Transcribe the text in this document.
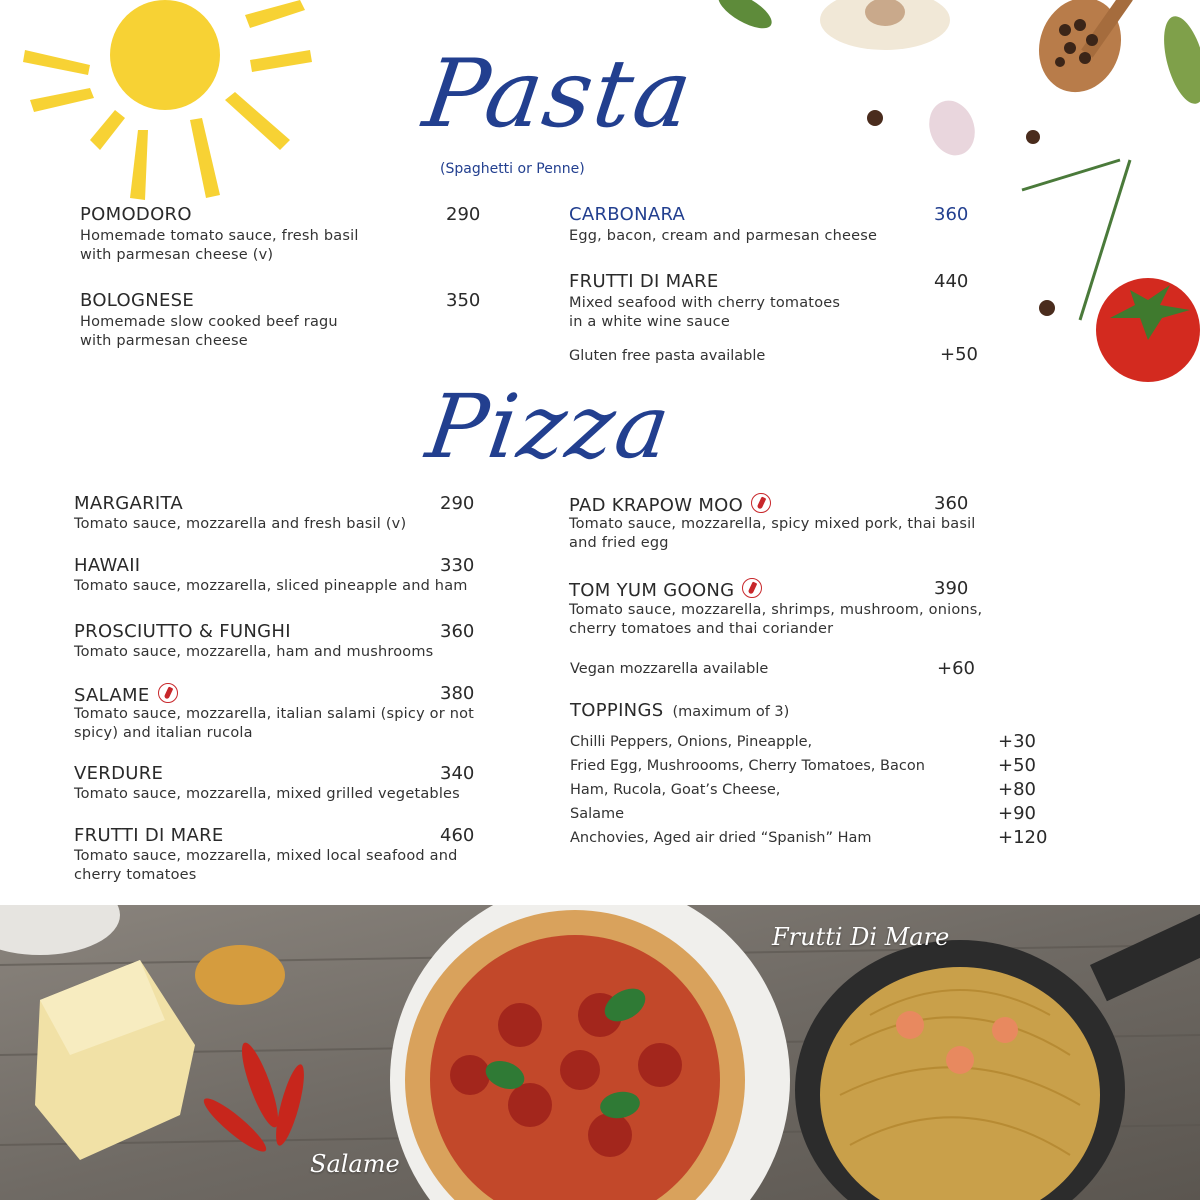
Pasta
(Spaghetti or Penne)
POMODORO	290
Homemade tomato sauce, fresh basil
with parmesan cheese (v)
BOLOGNESE	350
Homemade slow cooked beef ragu
with parmesan cheese
CARBONARA	360
Egg, bacon, cream and parmesan cheese
FRUTTI DI MARE	440
Mixed seafood with cherry tomatoes
in a white wine sauce
Gluten free pasta available	+50
Pizza
MARGARITA	290
Tomato sauce, mozzarella and fresh basil (v)
HAWAII	330
Tomato sauce, mozzarella, sliced pineapple and ham
PROSCIUTTO & FUNGHI	360
Tomato sauce, mozzarella, ham and mushrooms
SALAME	380
Tomato sauce, mozzarella, italian salami (spicy or not
spicy) and italian rucola
VERDURE	340
Tomato sauce, mozzarella, mixed grilled vegetables
FRUTTI DI MARE	460
Tomato sauce, mozzarella, mixed local seafood and
cherry tomatoes
PAD KRAPOW MOO	360
Tomato sauce, mozzarella, spicy mixed pork, thai basil
and fried egg
TOM YUM GOONG	390
Tomato sauce, mozzarella, shrimps, mushroom, onions,
cherry tomatoes and thai coriander
Vegan mozzarella available	+60
TOPPINGS (maximum of 3)
Chilli Peppers, Onions, Pineapple,	+30
Fried Egg, Mushroooms, Cherry Tomatoes, Bacon	+50
Ham, Rucola, Goat’s Cheese,	+80
Salame	+90
Anchovies, Aged air dried “Spanish” Ham	+120
Salame
Frutti Di Mare
